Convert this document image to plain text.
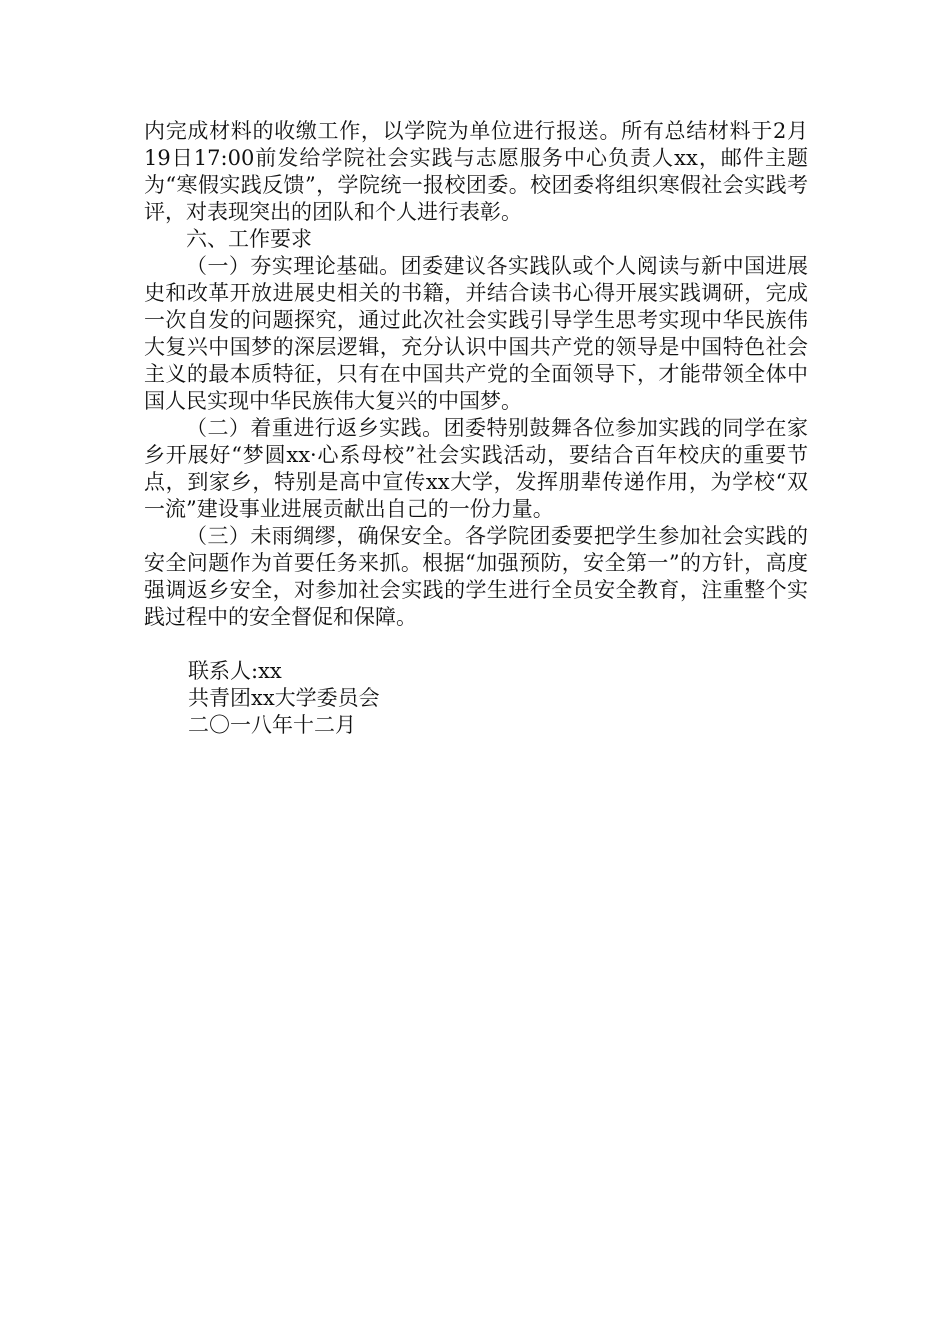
内完成材料的收缴工作，以学院为单位进行报送。所有总结材料于2月19日17:00前发给学院社会实践与志愿服务中心负责人xx，邮件主题为“寒假实践反馈”，学院统一报校团委。校团委将组织寒假社会实践考评，对表现突出的团队和个人进行表彰。

六、工作要求

（一）夯实理论基础。团委建议各实践队或个人阅读与新中国进展史和改革开放进展史相关的书籍，并结合读书心得开展实践调研，完成一次自发的问题探究，通过此次社会实践引导学生思考实现中华民族伟大复兴中国梦的深层逻辑，充分认识中国共产党的领导是中国特色社会主义的最本质特征，只有在中国共产党的全面领导下，才能带领全体中国人民实现中华民族伟大复兴的中国梦。

（二）着重进行返乡实践。团委特别鼓舞各位参加实践的同学在家乡开展好“梦圆xx·心系母校”社会实践活动，要结合百年校庆的重要节点，到家乡，特别是高中宣传xx大学，发挥朋辈传递作用，为学校“双一流”建设事业进展贡献出自己的一份力量。

（三）未雨绸缪，确保安全。各学院团委要把学生参加社会实践的安全问题作为首要任务来抓。根据“加强预防，安全第一”的方针，高度强调返乡安全，对参加社会实践的学生进行全员安全教育，注重整个实践过程中的安全督促和保障。

联系人:xx

共青团xx大学委员会

二〇一八年十二月
